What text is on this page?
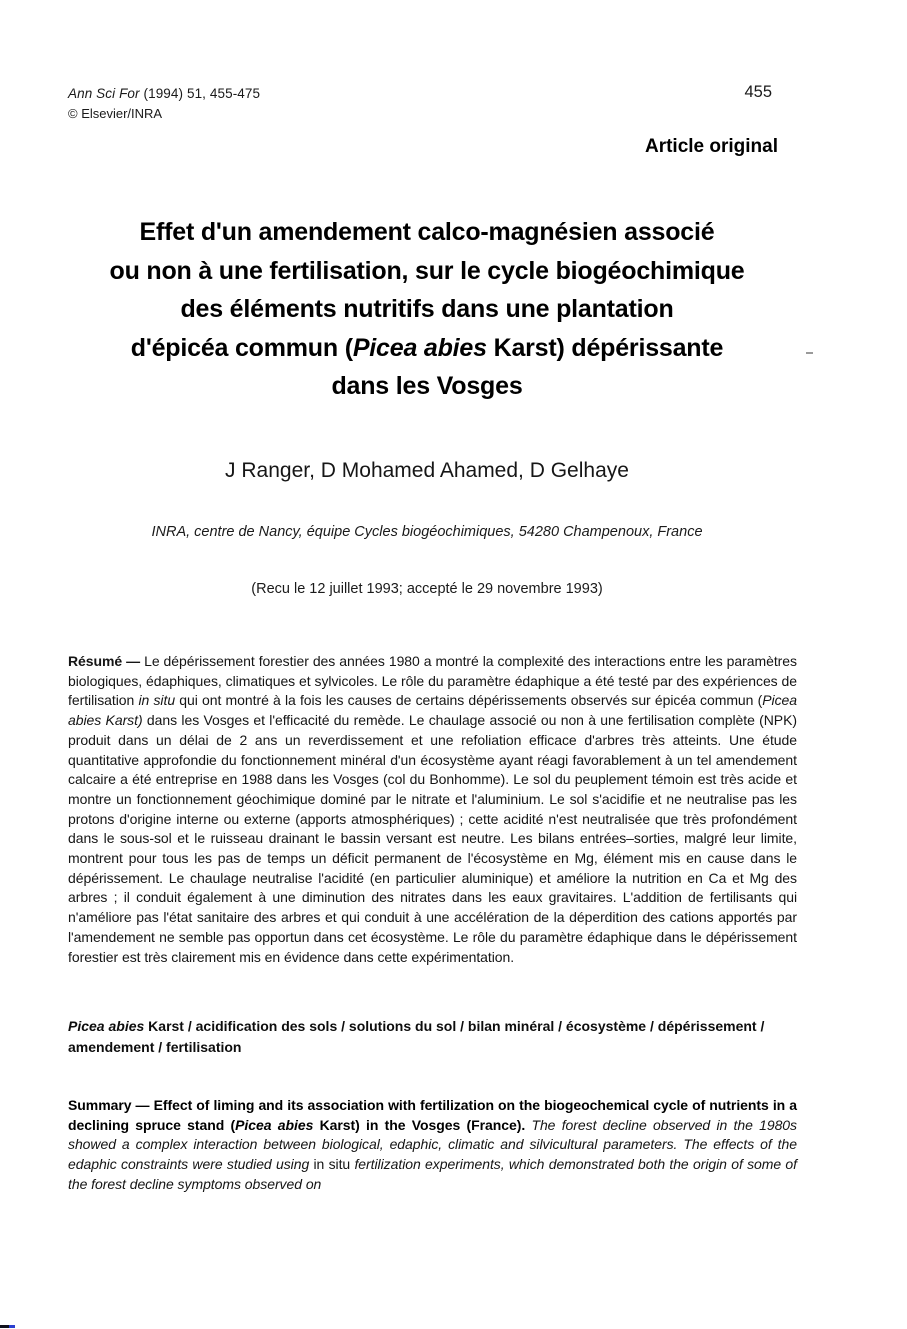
Ann Sci For (1994) 51, 455-475
© Elsevier/INRA
455
Article original
Effet d'un amendement calco-magnésien associé
ou non à une fertilisation, sur le cycle biogéochimique
des éléments nutritifs dans une plantation
d'épicéa commun (Picea abies Karst) dépérissante
dans les Vosges
J Ranger, D Mohamed Ahamed, D Gelhaye
INRA, centre de Nancy, équipe Cycles biogéochimiques, 54280 Champenoux, France
(Recu le 12 juillet 1993; accepté le 29 novembre 1993)

Résumé — Le dépérissement forestier des années 1980 a montré la complexité des interactions entre les paramètres biologiques, édaphiques, climatiques et sylvicoles. Le rôle du paramètre édaphique a été testé par des expériences de fertilisation in situ qui ont montré à la fois les causes de certains dépérissements observés sur épicéa commun (Picea abies Karst) dans les Vosges et l'efficacité du remède. Le chaulage associé ou non à une fertilisation complète (NPK) produit dans un délai de 2 ans un reverdissement et une refoliation efficace d'arbres très atteints. Une étude quantitative approfondie du fonctionnement minéral d'un écosystème ayant réagi favorablement à un tel amendement calcaire a été entreprise en 1988 dans les Vosges (col du Bonhomme). Le sol du peuplement témoin est très acide et montre un fonctionnement géochimique dominé par le nitrate et l'aluminium. Le sol s'acidifie et ne neutralise pas les protons d'origine interne ou externe (apports atmosphériques) ; cette acidité n'est neutralisée que très profondément dans le sous-sol et le ruisseau drainant le bassin versant est neutre. Les bilans entrées–sorties, malgré leur limite, montrent pour tous les pas de temps un déficit permanent de l'écosystème en Mg, élément mis en cause dans le dépérissement. Le chaulage neutralise l'acidité (en particulier aluminique) et améliore la nutrition en Ca et Mg des arbres ; il conduit également à une diminution des nitrates dans les eaux gravitaires. L'addition de fertilisants qui n'améliore pas l'état sanitaire des arbres et qui conduit à une accélération de la déperdition des cations apportés par l'amendement ne semble pas opportun dans cet écosystème. Le rôle du paramètre édaphique dans le dépérissement forestier est très clairement mis en évidence dans cette expérimentation.

Picea abies Karst / acidification des sols / solutions du sol / bilan minéral / écosystème / dépérissement / amendement / fertilisation

Summary — Effect of liming and its association with fertilization on the biogeochemical cycle of nutrients in a declining spruce stand (Picea abies Karst) in the Vosges (France). The forest decline observed in the 1980s showed a complex interaction between biological, edaphic, climatic and silvicultural parameters. The effects of the edaphic constraints were studied using in situ fertilization experiments, which demonstrated both the origin of some of the forest decline symptoms observed on
